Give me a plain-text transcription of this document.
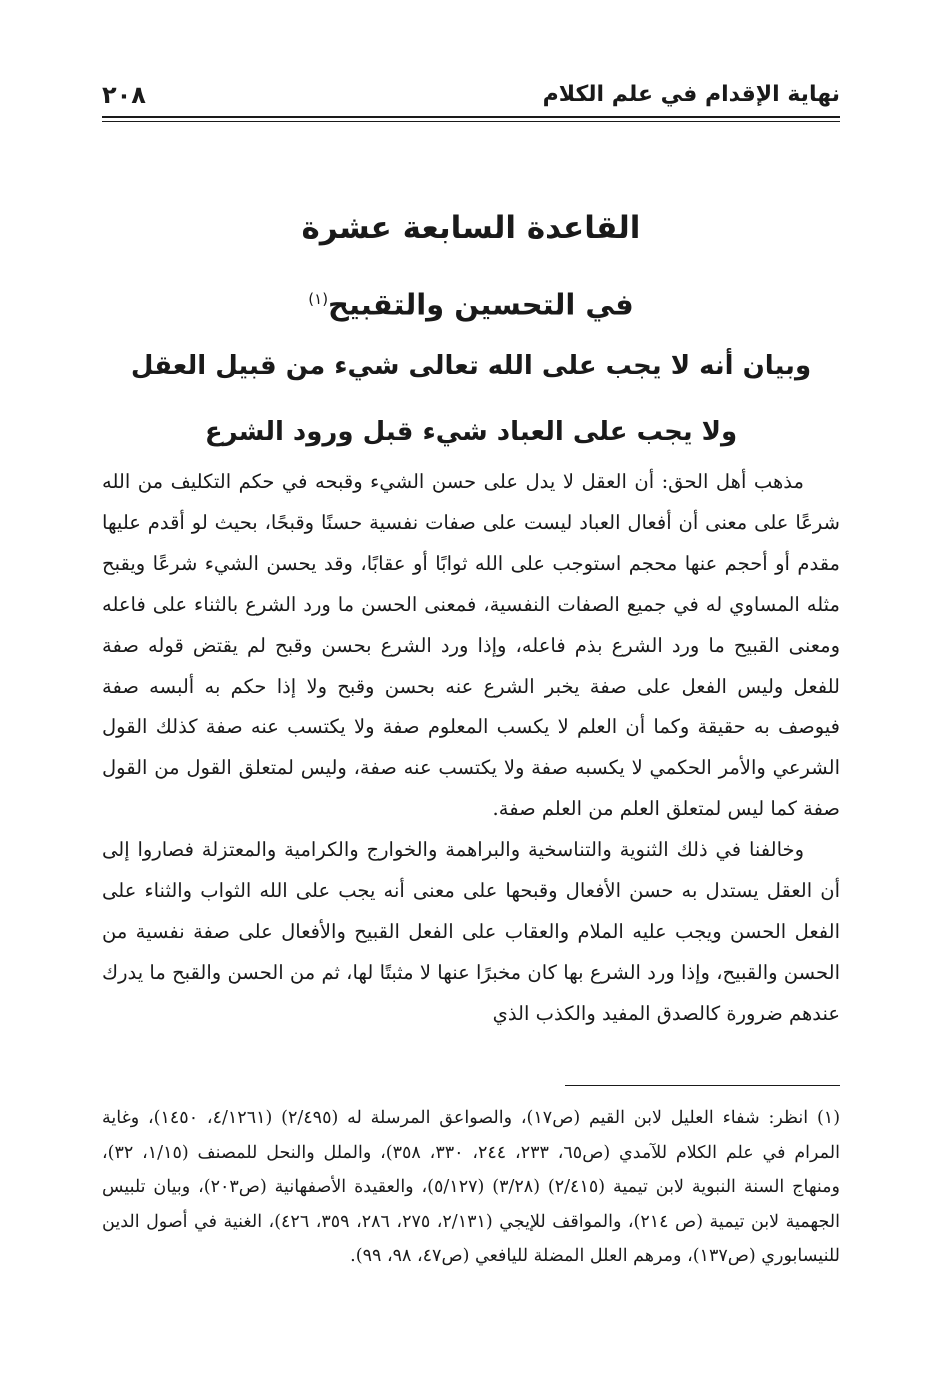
نهاية الإقدام في علم الكلام
٢٠٨
القاعدة السابعة عشرة
في التحسين والتقبيح$^{(١)}$
وبيان أنه لا يجب على الله تعالى شيء من قبيل العقل
ولا يجب على العباد شيء قبل ورود الشرع

مذهب أهل الحق: أن العقل لا يدل على حسن الشيء وقبحه في حكم التكليف من الله شرعًا على معنى أن أفعال العباد ليست على صفات نفسية حسنًا وقبحًا، بحيث لو أقدم عليها مقدم أو أحجم عنها محجم استوجب على الله ثوابًا أو عقابًا، وقد يحسن الشيء شرعًا ويقبح مثله المساوي له في جميع الصفات النفسية، فمعنى الحسن ما ورد الشرع بالثناء على فاعله ومعنى القبيح ما ورد الشرع بذم فاعله، وإذا ورد الشرع بحسن وقبح لم يقتض قوله صفة للفعل وليس الفعل على صفة يخبر الشرع عنه بحسن وقبح ولا إذا حكم به ألبسه صفة فيوصف به حقيقة وكما أن العلم لا يكسب المعلوم صفة ولا يكتسب عنه صفة كذلك القول الشرعي والأمر الحكمي لا يكسبه صفة ولا يكتسب عنه صفة، وليس لمتعلق القول من القول صفة كما ليس لمتعلق العلم من العلم صفة.

وخالفنا في ذلك الثنوية والتناسخية والبراهمة والخوارج والكرامية والمعتزلة فصاروا إلى أن العقل يستدل به حسن الأفعال وقبحها على معنى أنه يجب على الله الثواب والثناء على الفعل الحسن ويجب عليه الملام والعقاب على الفعل القبيح والأفعال على صفة نفسية من الحسن والقبيح، وإذا ورد الشرع بها كان مخبرًا عنها لا مثبتًا لها، ثم من الحسن والقبح ما يدرك عندهم ضرورة كالصدق المفيد والكذب الذي

(١) انظر: شفاء العليل لابن القيم (ص١٧)، والصواعق المرسلة له (٢/٤٩٥) (٤/١٢٦١، ١٤٥٠)، وغاية المرام في علم الكلام للآمدي (ص٦٥، ٢٣٣، ٢٤٤، ٣٣٠، ٣٥٨)، والملل والنحل للمصنف (١/١٥، ٣٢)، ومنهاج السنة النبوية لابن تيمية (٢/٤١٥) (٣/٢٨) (٥/١٢٧)، والعقيدة الأصفهانية (ص٢٠٣)، وبيان تلبيس الجهمية لابن تيمية (ص ٢١٤)، والمواقف للإيجي (٢/١٣١، ٢٧٥، ٢٨٦، ٣٥٩، ٤٢٦)، الغنية في أصول الدين للنيسابوري (ص١٣٧)، ومرهم العلل المضلة لليافعي (ص٤٧، ٩٨، ٩٩).
